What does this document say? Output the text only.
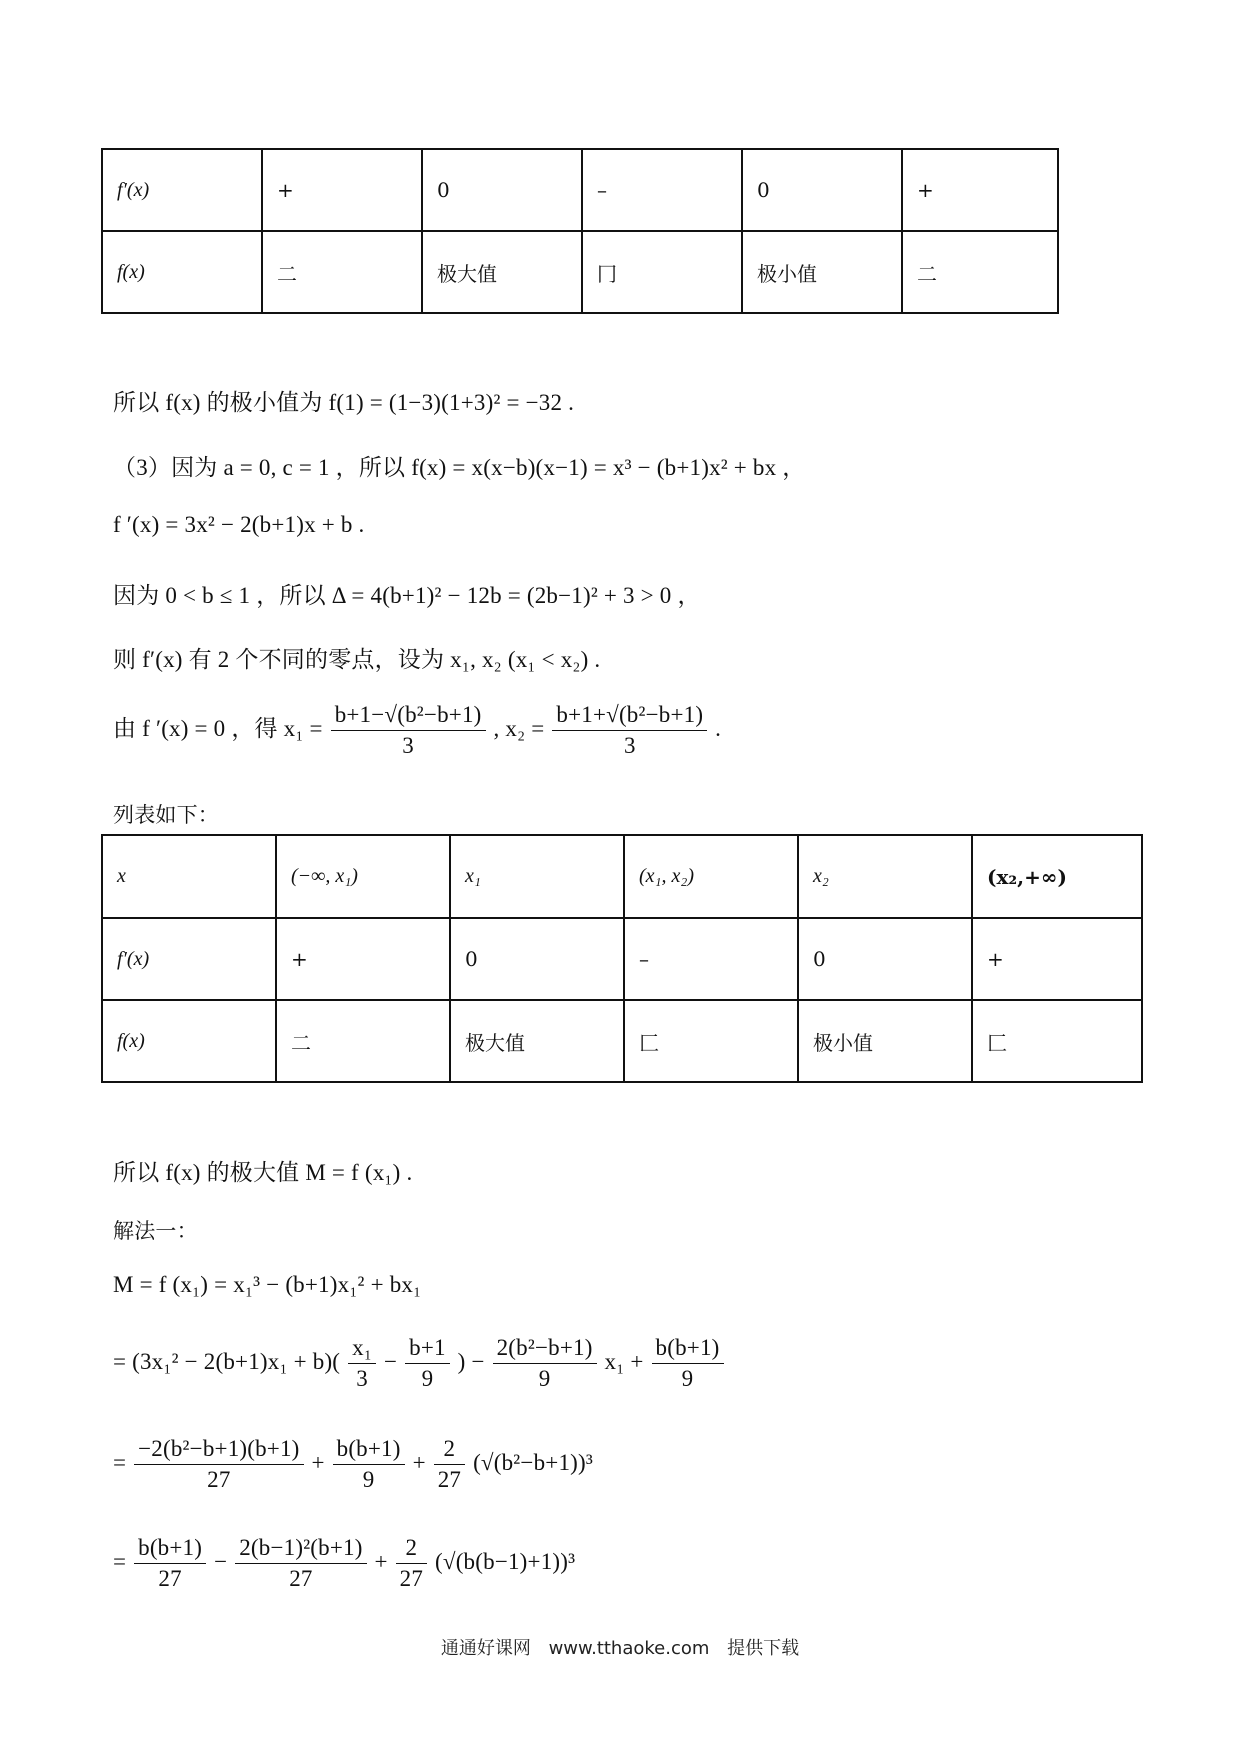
f′(x)	+	0	–	0	+
f(x)	⼆	极大值	⼌	极小值	⼆
所以 f(x) 的极小值为 f(1) = (1−3)(1+3)² = −32 .
（3）因为 a = 0, c = 1 ，所以 f(x) = x(x−b)(x−1) = x³ − (b+1)x² + bx ，
f ′(x) = 3x² − 2(b+1)x + b .
因为 0 < b ≤ 1 ，所以 Δ = 4(b+1)² − 12b = (2b−1)² + 3 > 0 ，
则 f′(x) 有 2 个不同的零点，设为 x₁, x₂ (x₁ < x₂) .
由 f ′(x) = 0 ，得 $x_1 = \frac{\text{b+1−√(b²−b+1)}}{3}$ , $x_2 = \frac{\text{b+1+√(b²−b+1)}}{3}$ .
列表如下：
x	(−∞, x₁)	x₁	(x₁, x₂)	x₂	(x₂,+∞)
f′(x)	+	0	–	0	+
f(x)	⼆	极大值	⼕	极小值	⼕
所以 f(x) 的极大值 M = f (x₁) .
解法一：
M = f (x₁) = x₁³ − (b+1)x₁² + bx₁
= $(3x_1^2 - 2(b+1)x_1 + b)( \frac{\text{x₁}}{3} - \frac{b+1}{9}$ ) − $\frac{\text{2(b²−b+1)}}{9} x_1 + \frac{b(b+1)}{9}$
= $\frac{\text{−2(b²−b+1)(b+1)}}{27} + \frac{b(b+1)}{9} + \frac{2}{27} (√(b^2-b+1))^3$
= $\frac{b(b+1)}{27} - \frac{\text{2(b−1)²(b+1)}}{27} + \frac{2}{27} (√(b(b-1)+1))^3$
通通好课网 www.tthaoke.com 提供下载
